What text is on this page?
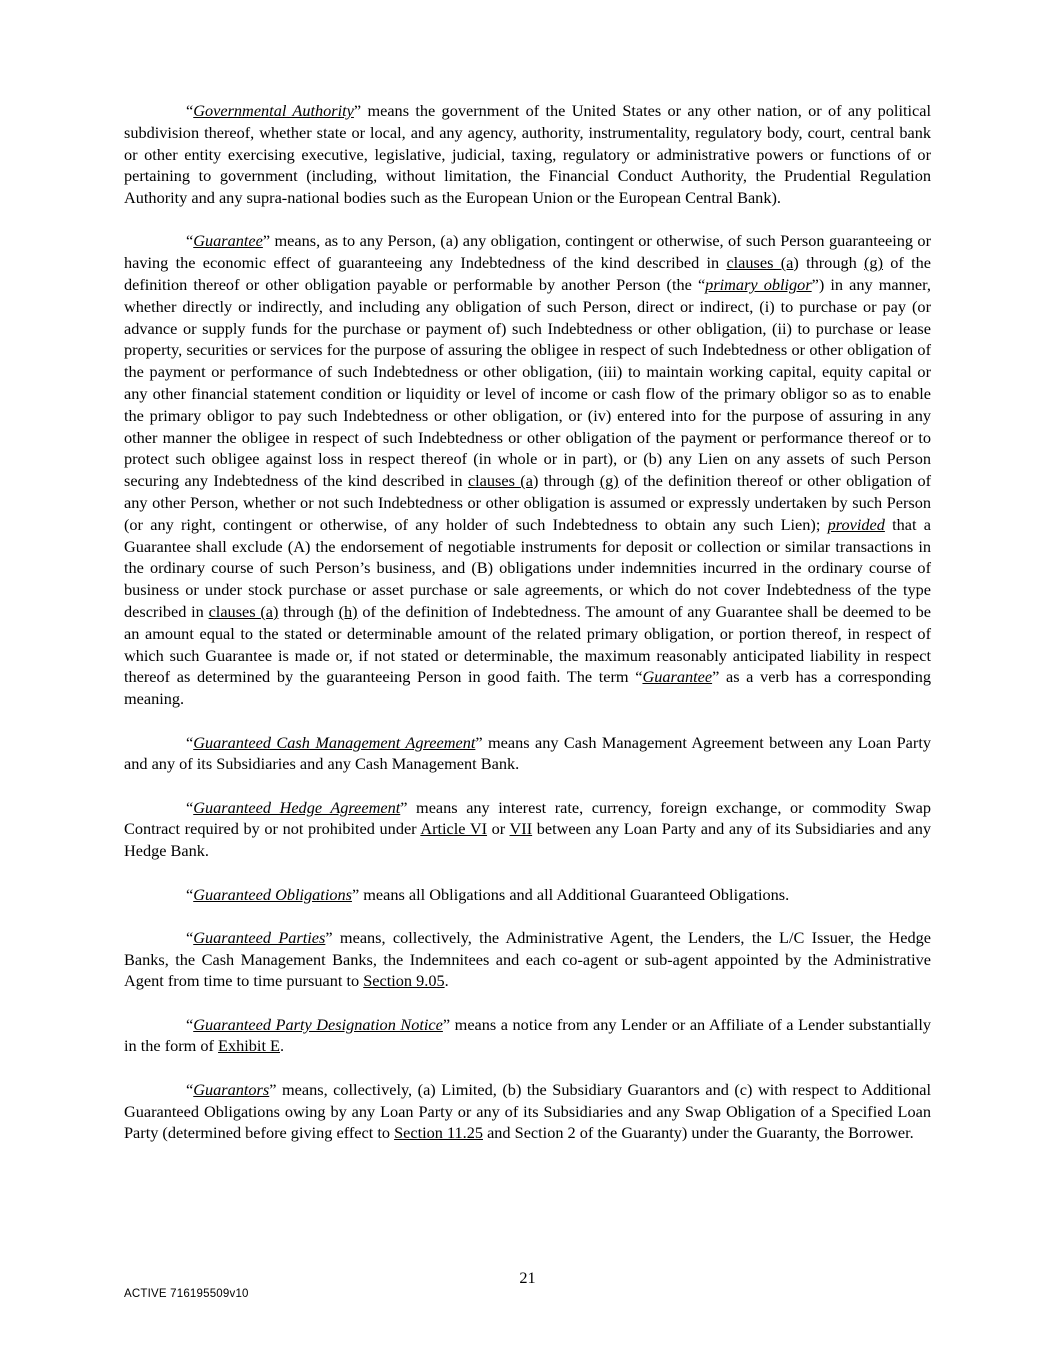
“Governmental Authority” means the government of the United States or any other nation, or of any political subdivision thereof, whether state or local, and any agency, authority, instrumentality, regulatory body, court, central bank or other entity exercising executive, legislative, judicial, taxing, regulatory or administrative powers or functions of or pertaining to government (including, without limitation, the Financial Conduct Authority, the Prudential Regulation Authority and any supra-national bodies such as the European Union or the European Central Bank).

“Guarantee” means, as to any Person, (a) any obligation, contingent or otherwise, of such Person guaranteeing or having the economic effect of guaranteeing any Indebtedness of the kind described in clauses (a) through (g) of the definition thereof or other obligation payable or performable by another Person (the “primary obligor”) in any manner, whether directly or indirectly, and including any obligation of such Person, direct or indirect, (i) to purchase or pay (or advance or supply funds for the purchase or payment of) such Indebtedness or other obligation, (ii) to purchase or lease property, securities or services for the purpose of assuring the obligee in respect of such Indebtedness or other obligation of the payment or performance of such Indebtedness or other obligation, (iii) to maintain working capital, equity capital or any other financial statement condition or liquidity or level of income or cash flow of the primary obligor so as to enable the primary obligor to pay such Indebtedness or other obligation, or (iv) entered into for the purpose of assuring in any other manner the obligee in respect of such Indebtedness or other obligation of the payment or performance thereof or to protect such obligee against loss in respect thereof (in whole or in part), or (b) any Lien on any assets of such Person securing any Indebtedness of the kind described in clauses (a) through (g) of the definition thereof or other obligation of any other Person, whether or not such Indebtedness or other obligation is assumed or expressly undertaken by such Person (or any right, contingent or otherwise, of any holder of such Indebtedness to obtain any such Lien); provided that a Guarantee shall exclude (A) the endorsement of negotiable instruments for deposit or collection or similar transactions in the ordinary course of such Person’s business, and (B) obligations under indemnities incurred in the ordinary course of business or under stock purchase or asset purchase or sale agreements, or which do not cover Indebtedness of the type described in clauses (a) through (h) of the definition of Indebtedness. The amount of any Guarantee shall be deemed to be an amount equal to the stated or determinable amount of the related primary obligation, or portion thereof, in respect of which such Guarantee is made or, if not stated or determinable, the maximum reasonably anticipated liability in respect thereof as determined by the guaranteeing Person in good faith. The term “Guarantee” as a verb has a corresponding meaning.

“Guaranteed Cash Management Agreement” means any Cash Management Agreement between any Loan Party and any of its Subsidiaries and any Cash Management Bank.

“Guaranteed Hedge Agreement” means any interest rate, currency, foreign exchange, or commodity Swap Contract required by or not prohibited under Article VI or VII between any Loan Party and any of its Subsidiaries and any Hedge Bank.

“Guaranteed Obligations” means all Obligations and all Additional Guaranteed Obligations.

“Guaranteed Parties” means, collectively, the Administrative Agent, the Lenders, the L/C Issuer, the Hedge Banks, the Cash Management Banks, the Indemnitees and each co-agent or sub-agent appointed by the Administrative Agent from time to time pursuant to Section 9.05.

“Guaranteed Party Designation Notice” means a notice from any Lender or an Affiliate of a Lender substantially in the form of Exhibit E.

“Guarantors” means, collectively, (a) Limited, (b) the Subsidiary Guarantors and (c) with respect to Additional Guaranteed Obligations owing by any Loan Party or any of its Subsidiaries and any Swap Obligation of a Specified Loan Party (determined before giving effect to Section 11.25 and Section 2 of the Guaranty) under the Guaranty, the Borrower.

21
ACTIVE 716195509v10
